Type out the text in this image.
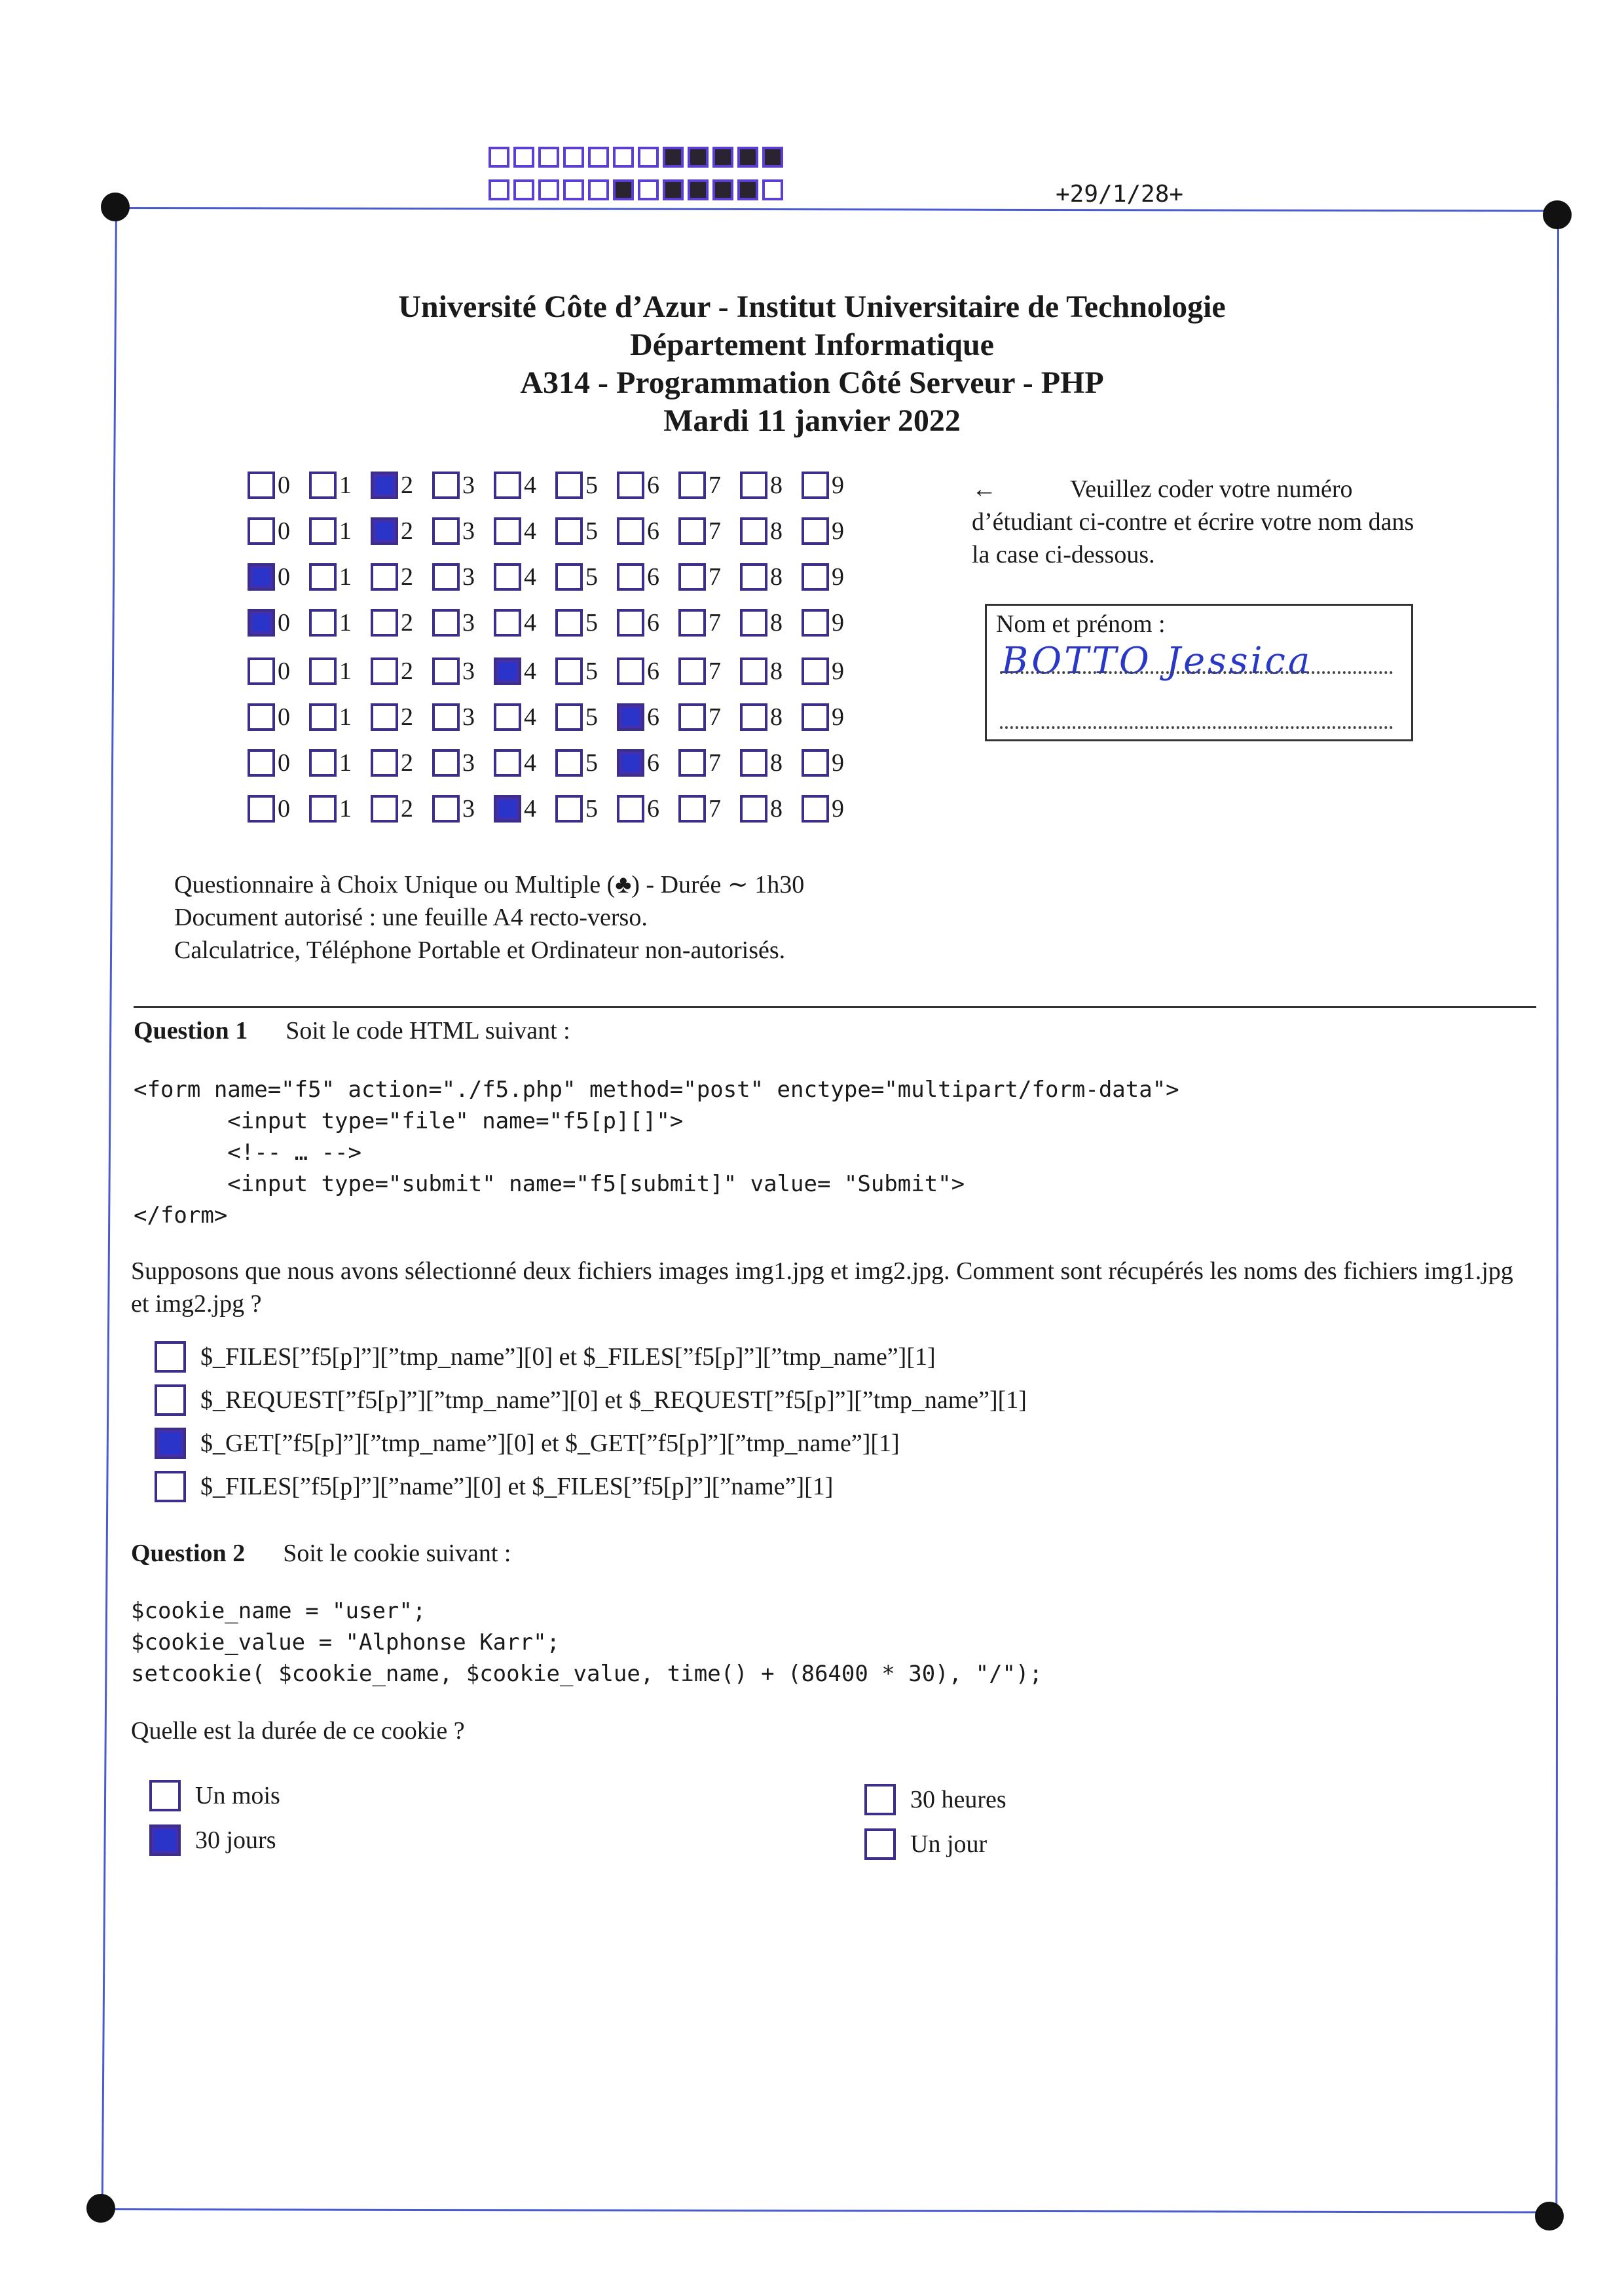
+29/1/28+
Université Côte d’Azur - Institut Universitaire de Technologie
Département Informatique
A314 - Programmation Côté Serveur - PHP
Mardi 11 janvier 2022
0 1 2 3 4 5 6 7 8 9
0 1 2 3 4 5 6 7 8 9
0 1 2 3 4 5 6 7 8 9
0 1 2 3 4 5 6 7 8 9
0 1 2 3 4 5 6 7 8 9
0 1 2 3 4 5 6 7 8 9
0 1 2 3 4 5 6 7 8 9
0 1 2 3 4 5 6 7 8 9
←	Veuillez coder votre numéro d’étudiant ci-contre et écrire votre nom dans la case ci-dessous.
Nom et prénom :
BOTTO Jessica
Questionnaire à Choix Unique ou Multiple (♣) - Durée ∼ 1h30
Document autorisé : une feuille A4 recto-verso.
Calculatrice, Téléphone Portable et Ordinateur non-autorisés.
Question 1 Soit le code HTML suivant :
<form name="f5" action="./f5.php" method="post" enctype="multipart/form-data">
<input type="file" name="f5[p][]">
<!-- … -->
<input type="submit" name="f5[submit]" value= "Submit">
</form>
Supposons que nous avons sélectionné deux fichiers images img1.jpg et img2.jpg. Comment sont récupérés les noms des fichiers img1.jpg et img2.jpg ?
$_FILES[”f5[p]”][”tmp_name”][0] et $_FILES[”f5[p]”][”tmp_name”][1]
$_REQUEST[”f5[p]”][”tmp_name”][0] et $_REQUEST[”f5[p]”][”tmp_name”][1]
$_GET[”f5[p]”][”tmp_name”][0] et $_GET[”f5[p]”][”tmp_name”][1]
$_FILES[”f5[p]”][”name”][0] et $_FILES[”f5[p]”][”name”][1]
Question 2 Soit le cookie suivant :
$cookie_name = "user";
$cookie_value = "Alphonse Karr";
setcookie( $cookie_name, $cookie_value, time() + (86400 * 30), "/");
Quelle est la durée de ce cookie ?
Un mois
30 jours
30 heures
Un jour
